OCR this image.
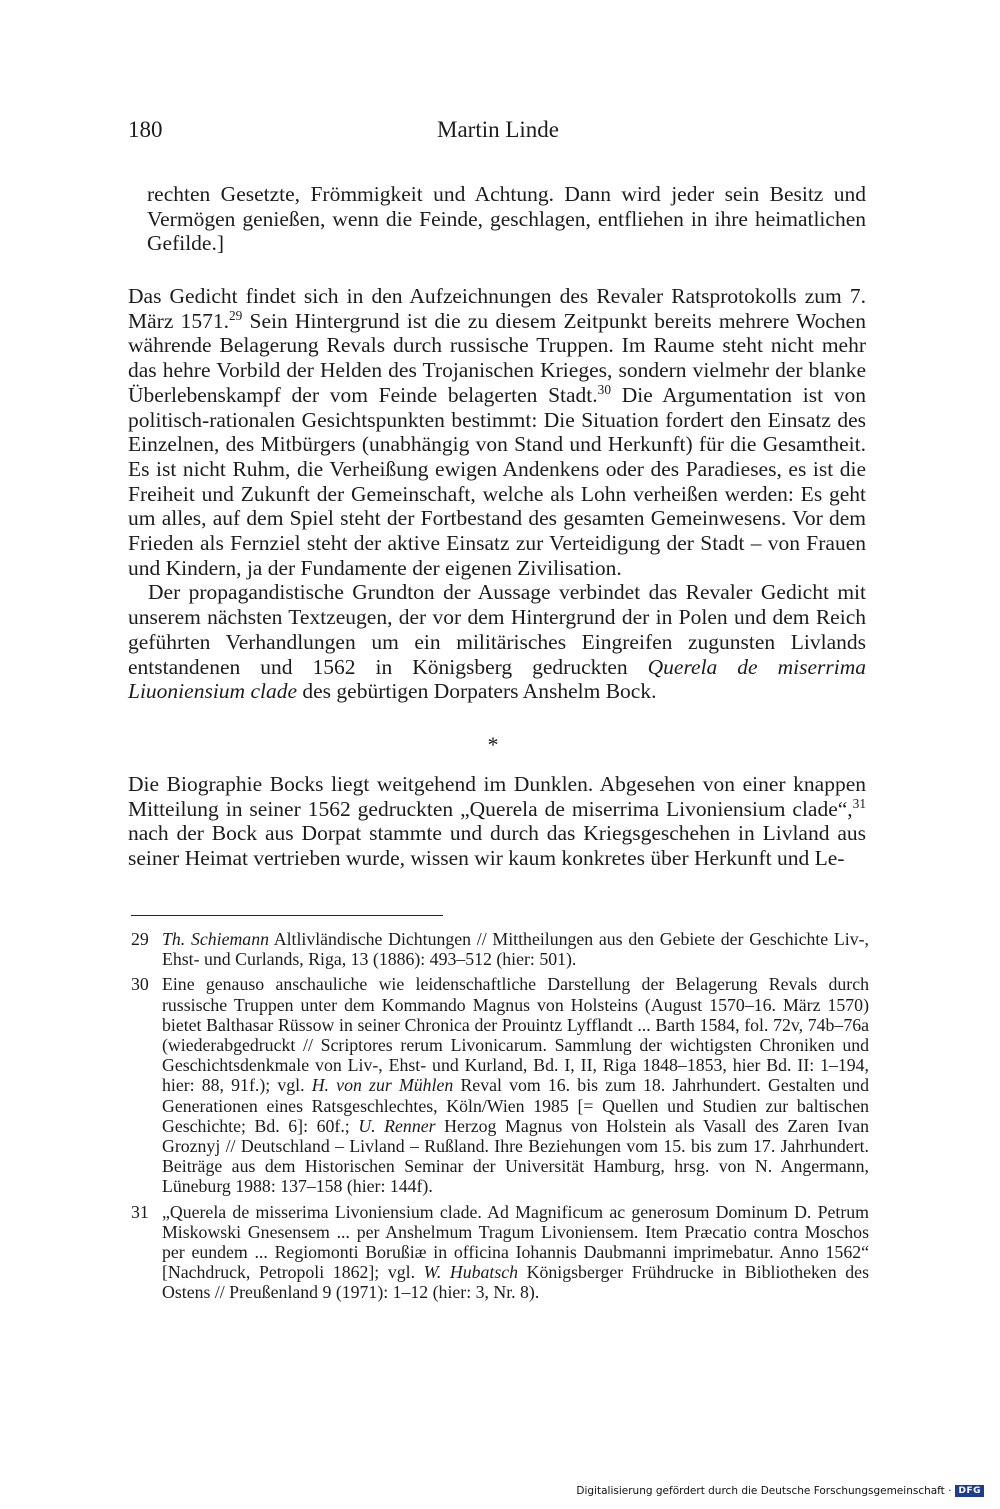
180	Martin Linde

rechten Gesetzte, Frömmigkeit und Achtung. Dann wird jeder sein Besitz und Vermögen genießen, wenn die Feinde, geschlagen, entfliehen in ihre heimatlichen Gefilde.]

Das Gedicht findet sich in den Aufzeichnungen des Revaler Ratsprotokolls zum 7. März 1571.29 Sein Hintergrund ist die zu diesem Zeitpunkt bereits mehrere Wochen währende Belagerung Revals durch russische Truppen. Im Raume steht nicht mehr das hehre Vorbild der Helden des Trojanischen Krieges, sondern vielmehr der blanke Überlebenskampf der vom Feinde belagerten Stadt.$^{30}$ Die Argumentation ist von politisch-rationalen Gesichtspunkten bestimmt: Die Situation fordert den Einsatz des Einzelnen, des Mitbürgers (unabhängig von Stand und Herkunft) für die Gesamtheit. Es ist nicht Ruhm, die Verheißung ewigen Andenkens oder des Paradieses, es ist die Freiheit und Zukunft der Gemeinschaft, welche als Lohn verheißen werden: Es geht um alles, auf dem Spiel steht der Fortbestand des gesamten Gemeinwesens. Vor dem Frieden als Fernziel steht der aktive Einsatz zur Verteidigung der Stadt – von Frauen und Kindern, ja der Fundamente der eigenen Zivilisation.

Der propagandistische Grundton der Aussage verbindet das Revaler Gedicht mit unserem nächsten Textzeugen, der vor dem Hintergrund der in Polen und dem Reich geführten Verhandlungen um ein militärisches Eingreifen zugunsten Livlands entstandenen und 1562 in Königsberg gedruckten Querela de miserrima Liuoniensium clade des gebürtigen Dorpaters Anshelm Bock.

*

Die Biographie Bocks liegt weitgehend im Dunklen. Abgesehen von einer knappen Mitteilung in seiner 1562 gedruckten „Querela de miserrima Livoniensium clade“,$^{31}$ nach der Bock aus Dorpat stammte und durch das Kriegsgeschehen in Livland aus seiner Heimat vertrieben wurde, wissen wir kaum konkretes über Herkunft und Le-

29 Th. Schiemann Altlivländische Dichtungen // Mittheilungen aus den Gebiete der Geschichte Liv-, Ehst- und Curlands, Riga, 13 (1886): 493–512 (hier: 501).

30 Eine genauso anschauliche wie leidenschaftliche Darstellung der Belagerung Revals durch russische Truppen unter dem Kommando Magnus von Holsteins (August 1570–16. März 1570) bietet Balthasar Rüssow in seiner Chronica der Prouintz Lyfflandt ... Barth 1584, fol. 72v, 74b–76a (wiederabgedruckt // Scriptores rerum Livonicarum. Sammlung der wichtigsten Chroniken und Geschichtsdenkmale von Liv-, Ehst- und Kurland, Bd. I, II, Riga 1848–1853, hier Bd. II: 1–194, hier: 88, 91f.); vgl. H. von zur Mühlen Reval vom 16. bis zum 18. Jahrhundert. Gestalten und Generationen eines Ratsgeschlechtes, Köln/Wien 1985 [= Quellen und Studien zur baltischen Geschichte; Bd. 6]: 60f.; U. Renner Herzog Magnus von Holstein als Vasall des Zaren Ivan Groznyj // Deutschland – Livland – Rußland. Ihre Beziehungen vom 15. bis zum 17. Jahrhundert. Beiträge aus dem Historischen Seminar der Universität Hamburg, hrsg. von N. Angermann, Lüneburg 1988: 137–158 (hier: 144f).

31 „Querela de misserima Livoniensium clade. Ad Magnificum ac generosum Dominum D. Petrum Miskowski Gnesensem ... per Anshelmum Tragum Livoniensem. Item Præcatio contra Moschos per eundem ... Regiomonti Borußiæ in officina Iohannis Daubmanni imprimebatur. Anno 1562“ [Nachdruck, Petropoli 1862]; vgl. W. Hubatsch Königsberger Frühdrucke in Bibliotheken des Ostens // Preußenland 9 (1971): 1–12 (hier: 3, Nr. 8).

Digitalisierung gefördert durch die Deutsche Forschungsgemeinschaft · DFG
